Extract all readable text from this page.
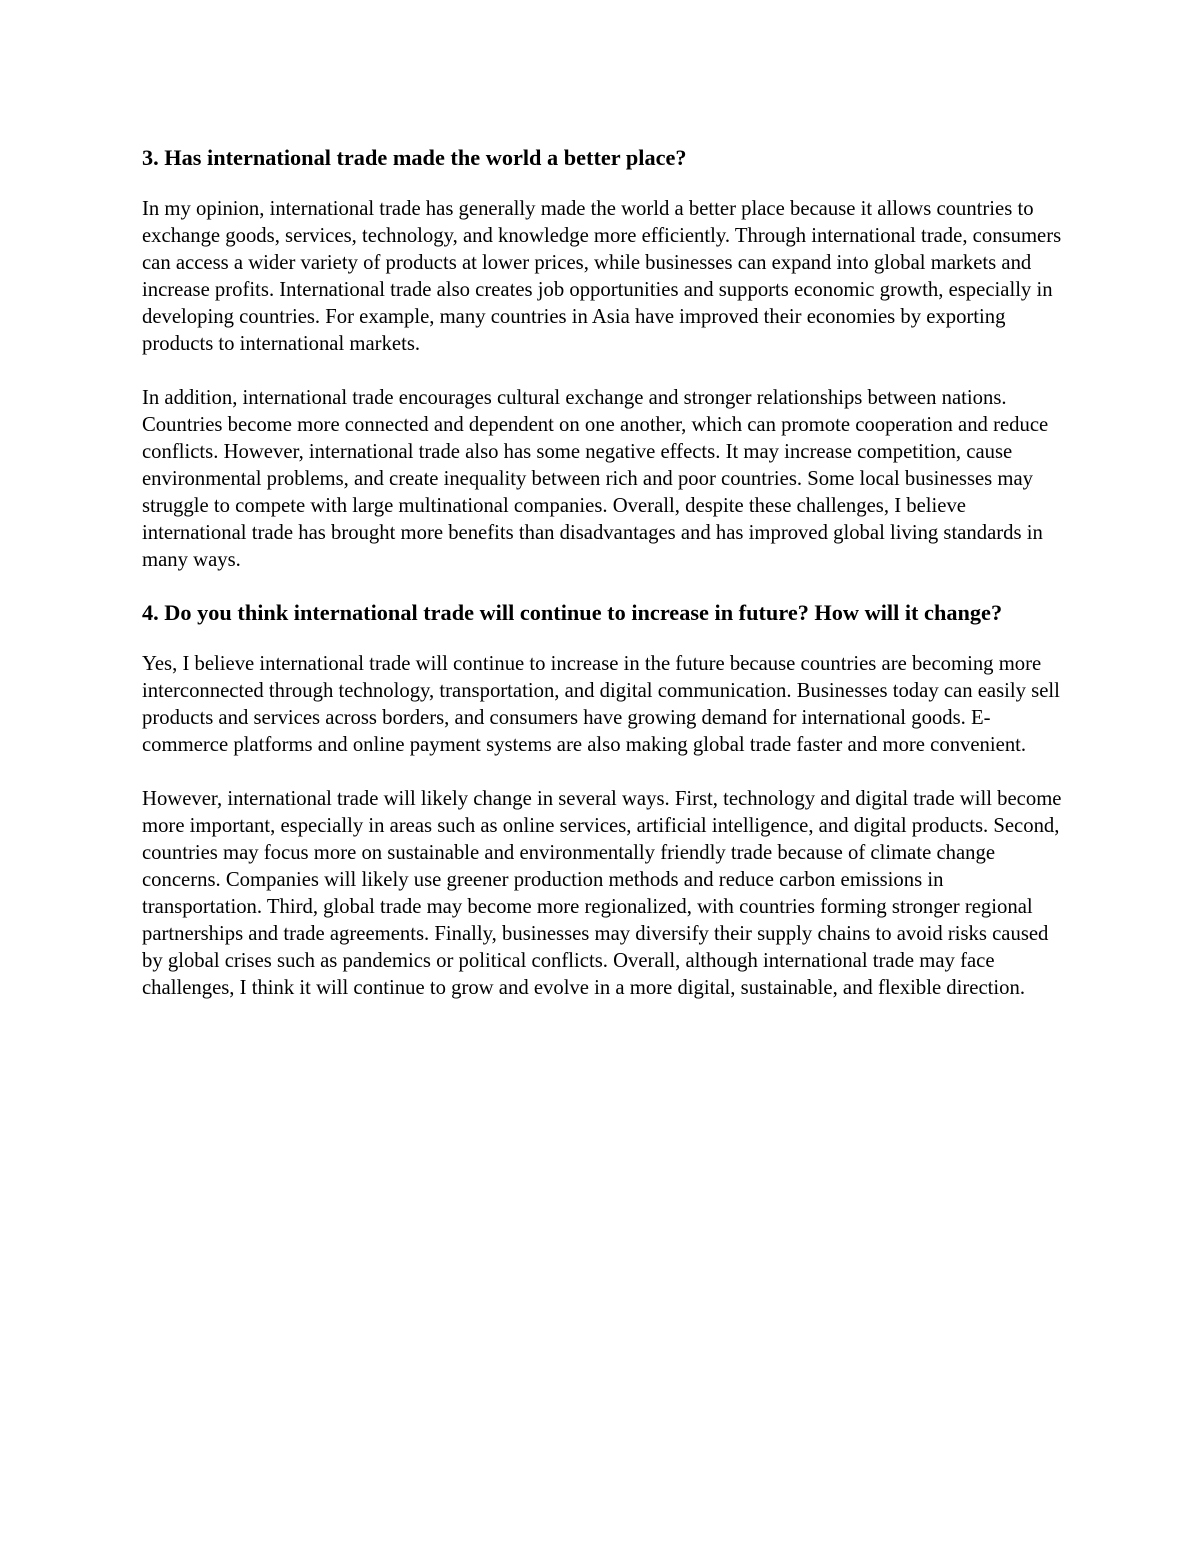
3. Has international trade made the world a better place?

In my opinion, international trade has generally made the world a better place because it allows countries to exchange goods, services, technology, and knowledge more efficiently. Through international trade, consumers can access a wider variety of products at lower prices, while businesses can expand into global markets and increase profits. International trade also creates job opportunities and supports economic growth, especially in developing countries. For example, many countries in Asia have improved their economies by exporting products to international markets.

In addition, international trade encourages cultural exchange and stronger relationships between nations. Countries become more connected and dependent on one another, which can promote cooperation and reduce conflicts. However, international trade also has some negative effects. It may increase competition, cause environmental problems, and create inequality between rich and poor countries. Some local businesses may struggle to compete with large multinational companies. Overall, despite these challenges, I believe international trade has brought more benefits than disadvantages and has improved global living standards in many ways.

4. Do you think international trade will continue to increase in future? How will it change?

Yes, I believe international trade will continue to increase in the future because countries are becoming more interconnected through technology, transportation, and digital communication. Businesses today can easily sell products and services across borders, and consumers have growing demand for international goods. E-commerce platforms and online payment systems are also making global trade faster and more convenient.

However, international trade will likely change in several ways. First, technology and digital trade will become more important, especially in areas such as online services, artificial intelligence, and digital products. Second, countries may focus more on sustainable and environmentally friendly trade because of climate change concerns. Companies will likely use greener production methods and reduce carbon emissions in transportation. Third, global trade may become more regionalized, with countries forming stronger regional partnerships and trade agreements. Finally, businesses may diversify their supply chains to avoid risks caused by global crises such as pandemics or political conflicts. Overall, although international trade may face challenges, I think it will continue to grow and evolve in a more digital, sustainable, and flexible direction.
